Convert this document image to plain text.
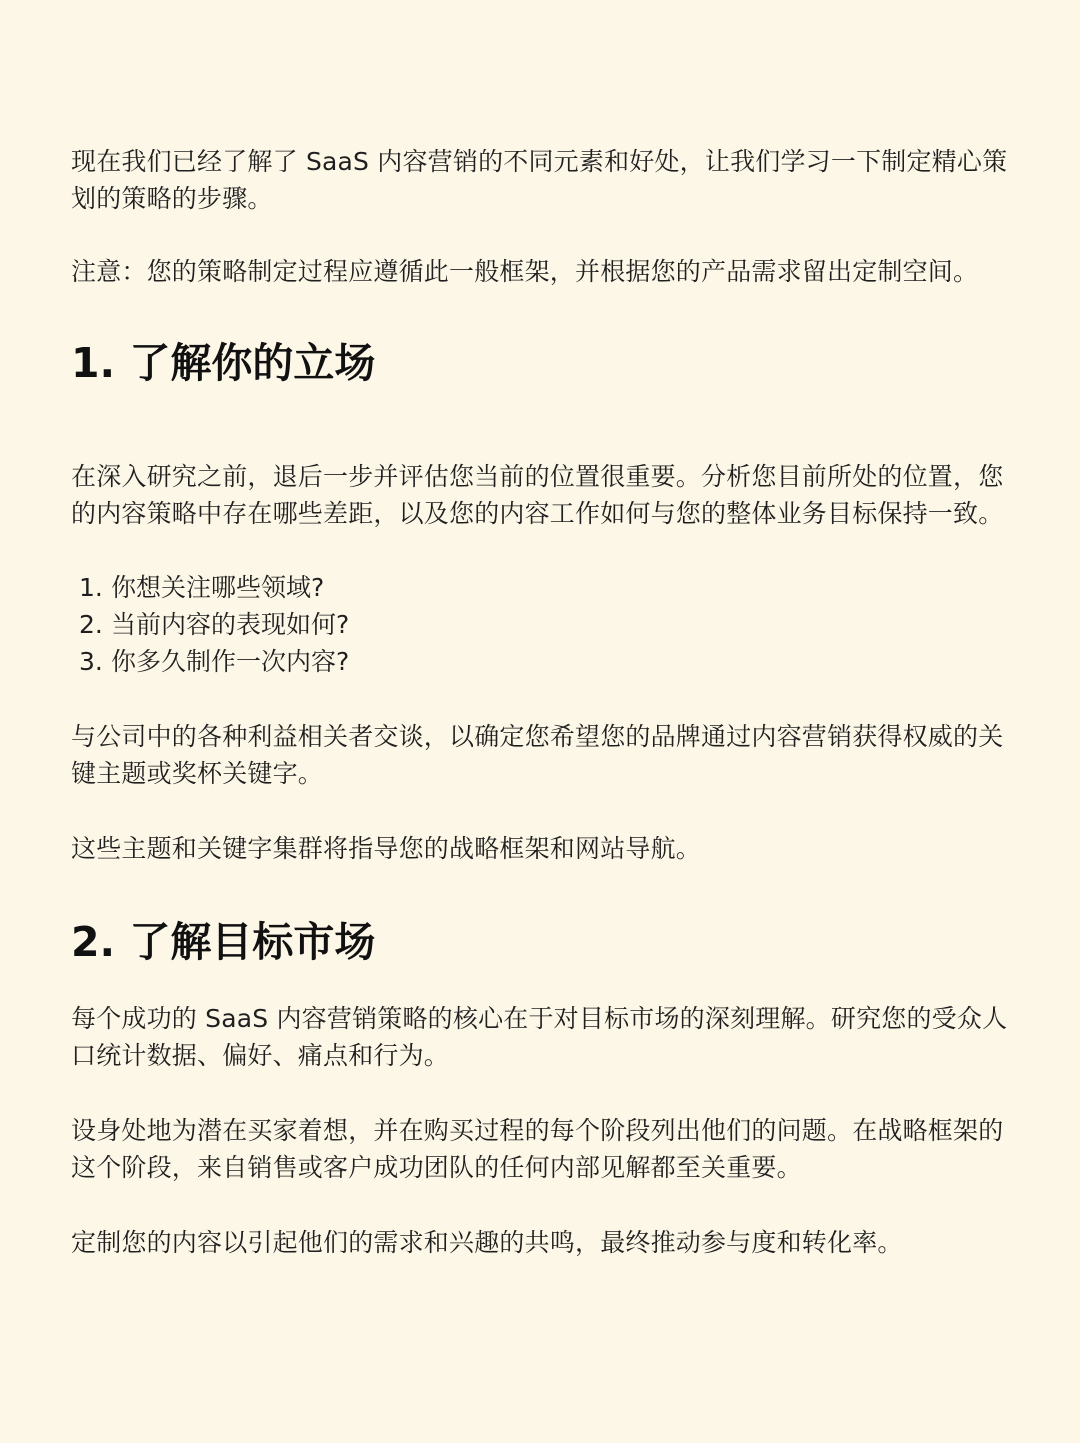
现在我们已经了解了 SaaS 内容营销的不同元素和好处，让我们学习一下制定精心策划的策略的步骤。

注意：您的策略制定过程应遵循此一般框架，并根据您的产品需求留出定制空间。

1. 了解你的立场

在深入研究之前，退后一步并评估您当前的位置很重要。分析您目前所处的位置，您的内容策略中存在哪些差距，以及您的内容工作如何与您的整体业务目标保持一致。

1. 你想关注哪些领域?
2. 当前内容的表现如何?
3. 你多久制作一次内容?

与公司中的各种利益相关者交谈，以确定您希望您的品牌通过内容营销获得权威的关键主题或奖杯关键字。

这些主题和关键字集群将指导您的战略框架和网站导航。

2. 了解目标市场

每个成功的 SaaS 内容营销策略的核心在于对目标市场的深刻理解。研究您的受众人口统计数据、偏好、痛点和行为。

设身处地为潜在买家着想，并在购买过程的每个阶段列出他们的问题。在战略框架的这个阶段，来自销售或客户成功团队的任何内部见解都至关重要。

定制您的内容以引起他们的需求和兴趣的共鸣，最终推动参与度和转化率。
